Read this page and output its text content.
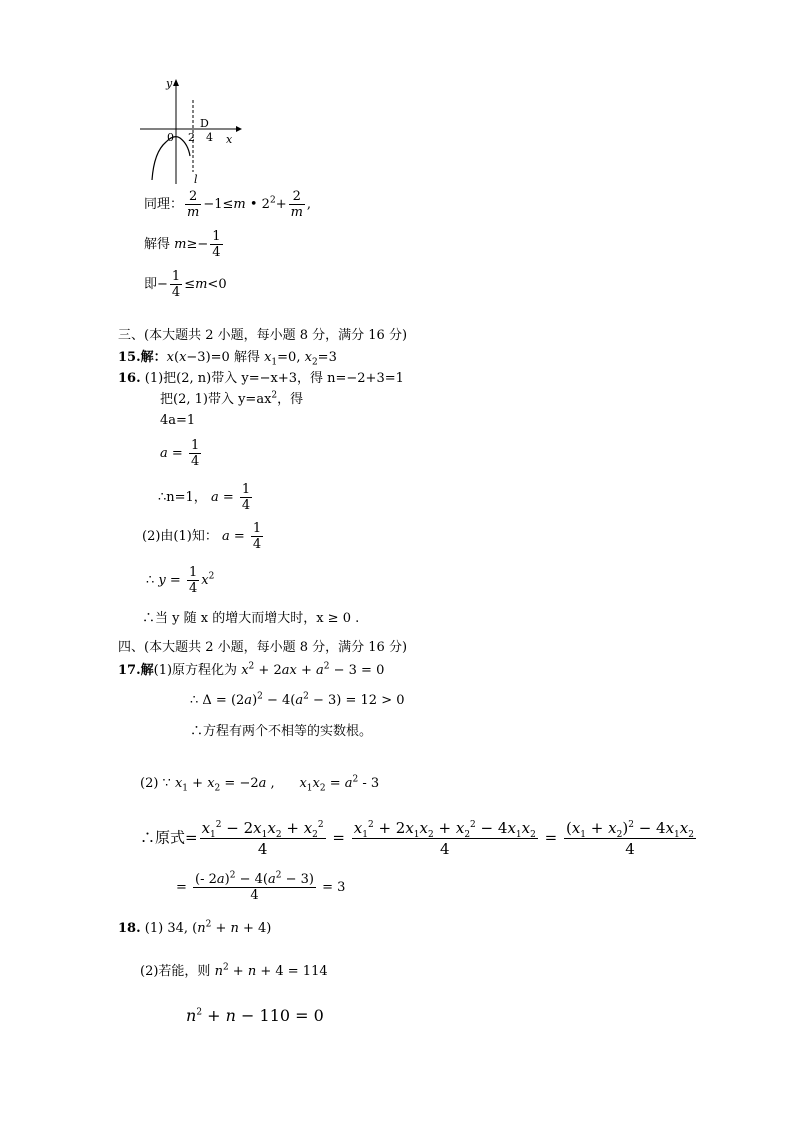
y
x
0 2 4
D
l
同理： $\frac{2}{m} -1\le m$ • $2^2+ \frac{2}{m}$ ,
解得 $m\ge- \frac{1}{4}$
即− $\frac{1}{4} \le m<0$
三、(本大题共 2 小题，每小题 8 分，满分 16 分)
15.解：x(x−3)=0 解得 $x_1=0$, $x_2=3$
16. (1)把(2, n)带入 y=−x+3，得 n=−2+3=1
把(2, 1)带入 $y=ax^2$，得
4a=1
$a = \frac{1}{4}$
∴n=1， $a = \frac{1}{4}$
(2)由(1)知： $a = \frac{1}{4}$
∴ $y = \frac{1}{4} x^2$
∴当 y 随 x 的增大而增大时，x ≥ 0 .
四、(本大题共 2 小题，每小题 8 分，满分 16 分)
17.解(1)原方程化为 $x^2 + 2ax + a^2 - 3 = 0$
∴ $\Delta = (2a)^2 - 4(a^2 - 3) = 12 > 0$
∴方程有两个不相等的实数根。
(2) ∵ $x_1 + x_2 = -2a$ ,      $x_1x_2 = a^2 - 3$
∴原式= $\frac{x_1^2 - 2x_1x_2 + x_2^2}{4} = \frac{x_1^2 + 2x_1x_2 + x_2^2 - 4x_1x_2}{4} = \frac{(x_1 + x_2)^2 - 4x_1x_2}{4}$
= $\frac{(- 2a)^2 - 4(a^2 - 3)}{4} = 3$
18. (1) 34, $(n^2 + n + 4)$
(2)若能，则 $n^2 + n + 4 = 114$
$n^2 + n - 110 = 0$
